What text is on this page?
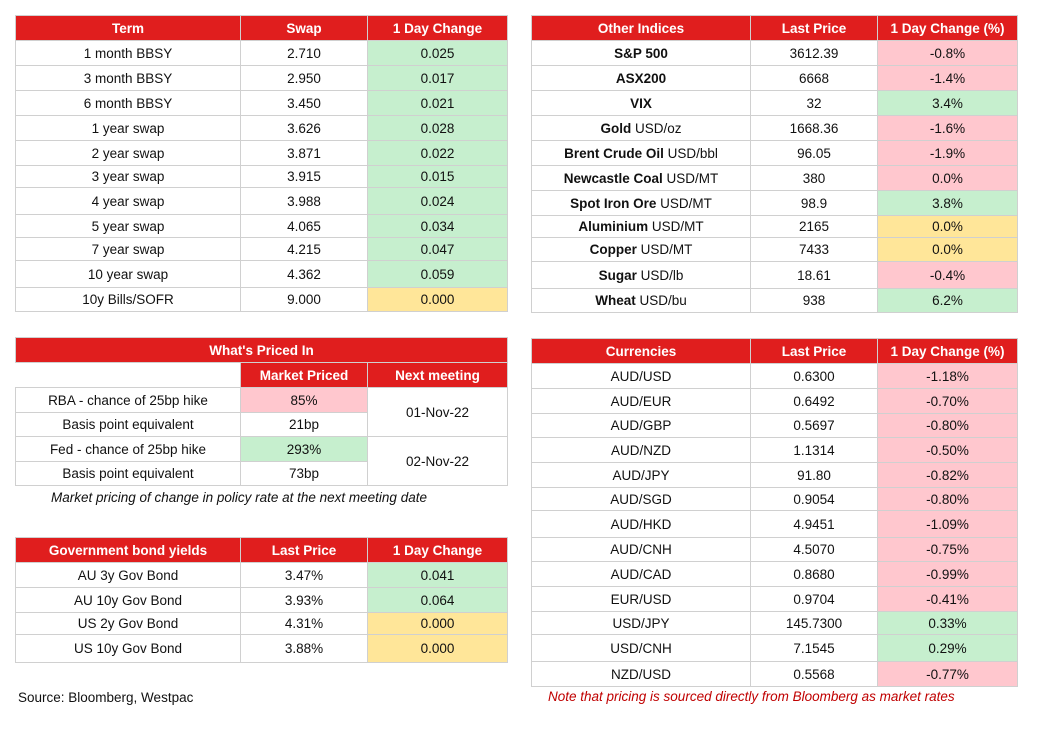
Term	Swap	1 Day Change
1 month BBSY	2.710	0.025
3 month BBSY	2.950	0.017
6 month BBSY	3.450	0.021
1 year swap	3.626	0.028
2 year swap	3.871	0.022
3 year swap	3.915	0.015
4 year swap	3.988	0.024
5 year swap	4.065	0.034
7 year swap	4.215	0.047
10 year swap	4.362	0.059
10y Bills/SOFR	9.000	0.000
Other Indices	Last Price	1 Day Change (%)
S&P 500	3612.39	-0.8%
ASX200	6668	-1.4%
VIX	32	3.4%
Gold USD/oz	1668.36	-1.6%
Brent Crude Oil USD/bbl	96.05	-1.9%
Newcastle Coal USD/MT	380	0.0%
Spot Iron Ore USD/MT	98.9	3.8%
Aluminium USD/MT	2165	0.0%
Copper USD/MT	7433	0.0%
Sugar USD/lb	18.61	-0.4%
Wheat USD/bu	938	6.2%
What's Priced In		
	Market Priced	Next meeting
RBA - chance of 25bp hike	85%	01-Nov-22
Basis point equivalent	21bp	
Fed - chance of 25bp hike	293%	02-Nov-22
Basis point equivalent	73bp	
Market pricing of change in policy rate at the next meeting date
Government bond yields	Last Price	1 Day Change
AU 3y Gov Bond	3.47%	0.041
AU 10y Gov Bond	3.93%	0.064
US 2y Gov Bond	4.31%	0.000
US 10y Gov Bond	3.88%	0.000
Currencies	Last Price	1 Day Change (%)
AUD/USD	0.6300	-1.18%
AUD/EUR	0.6492	-0.70%
AUD/GBP	0.5697	-0.80%
AUD/NZD	1.1314	-0.50%
AUD/JPY	91.80	-0.82%
AUD/SGD	0.9054	-0.80%
AUD/HKD	4.9451	-1.09%
AUD/CNH	4.5070	-0.75%
AUD/CAD	0.8680	-0.99%
EUR/USD	0.9704	-0.41%
USD/JPY	145.7300	0.33%
USD/CNH	7.1545	0.29%
NZD/USD	0.5568	-0.77%
Source: Bloomberg, Westpac	Note that pricing is sourced directly from Bloomberg as market rates
